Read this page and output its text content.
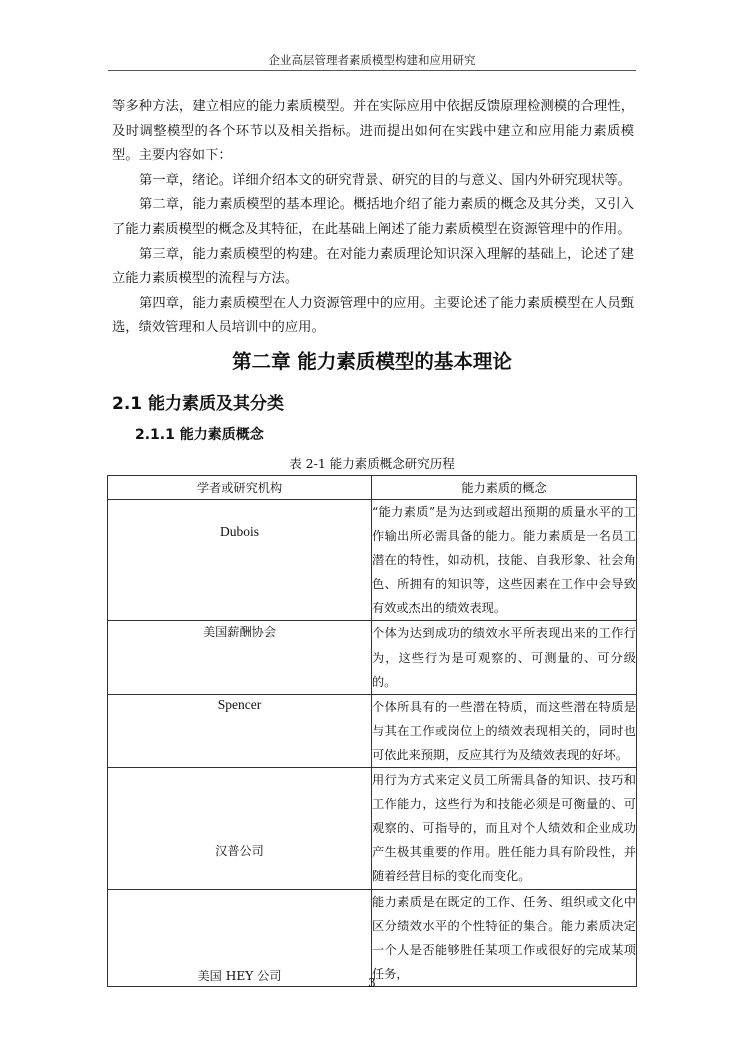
企业高层管理者素质模型构建和应用研究

等多种方法，建立相应的能力素质模型。并在实际应用中依据反馈原理检测模的合理性，及时调整模型的各个环节以及相关指标。进而提出如何在实践中建立和应用能力素质模型。主要内容如下：

第一章，绪论。详细介绍本文的研究背景、研究的目的与意义、国内外研究现状等。

第二章，能力素质模型的基本理论。概括地介绍了能力素质的概念及其分类，又引入了能力素质模型的概念及其特征，在此基础上阐述了能力素质模型在资源管理中的作用。

第三章，能力素质模型的构建。在对能力素质理论知识深入理解的基础上，论述了建立能力素质模型的流程与方法。

第四章，能力素质模型在人力资源管理中的应用。主要论述了能力素质模型在人员甄选，绩效管理和人员培训中的应用。

第二章 能力素质模型的基本理论
2.1 能力素质及其分类
2.1.1 能力素质概念
表 2-1 能力素质概念研究历程
学者或研究机构	能力素质的概念
Dubois	“能力素质”是为达到或超出预期的质量水平的工作输出所必需具备的能力。能力素质是一名员工潜在的特性，如动机，技能、自我形象、社会角色、所拥有的知识等，这些因素在工作中会导致有效或杰出的绩效表现。
美国薪酬协会	个体为达到成功的绩效水平所表现出来的工作行为，这些行为是可观察的、可测量的、可分级的。
Spencer	个体所具有的一些潜在特质，而这些潜在特质是与其在工作或岗位上的绩效表现相关的，同时也可依此来预期，反应其行为及绩效表现的好坏。
汉普公司	用行为方式来定义员工所需具备的知识、技巧和工作能力，这些行为和技能必须是可衡量的、可观察的、可指导的，而且对个人绩效和企业成功产生极其重要的作用。胜任能力具有阶段性，并随着经营目标的变化而变化。
美国 HEY 公司	能力素质是在既定的工作、任务、组织或文化中区分绩效水平的个性特征的集合。能力素质决定一个人是否能够胜任某项工作或很好的完成某项任务，
3
